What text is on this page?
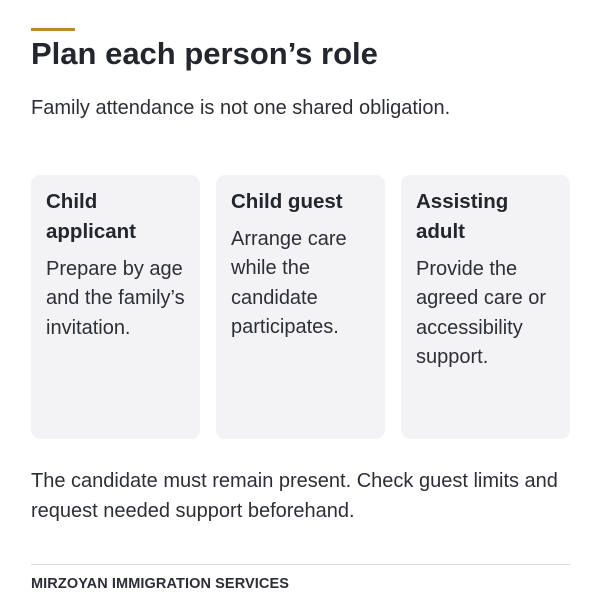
Plan each person’s role

Family attendance is not one shared obligation.

Child applicant

Prepare by age and the family’s invitation.

Child guest

Arrange care while the candidate participates.

Assisting adult

Provide the agreed care or accessibility support.

The candidate must remain present. Check guest limits and request needed support beforehand.

MIRZOYAN IMMIGRATION SERVICES
